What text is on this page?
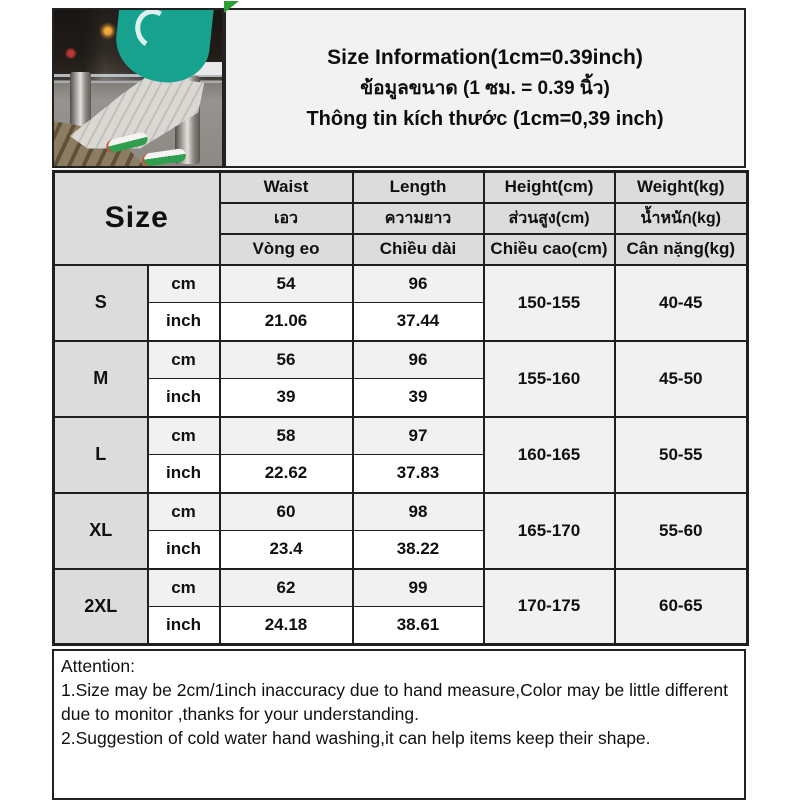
Size Information(1cm=0.39inch)
ข้อมูลขนาด (1 ซม. = 0.39 นิ้ว)
Thông tin kích thước (1cm=0,39 inch)
Size		Waist	Length	Height(cm)	Weight(kg)
		เอว	ความยาว	ส่วนสูง(cm)	น้ำหนัก(kg)
		Vòng eo	Chiều dài	Chiều cao(cm)	Cân nặng(kg)
S	cm	54	96	150-155	40-45
	inch	21.06	37.44		
M	cm	56	96	155-160	45-50
	inch	39	39		
L	cm	58	97	160-165	50-55
	inch	22.62	37.83		
XL	cm	60	98	165-170	55-60
	inch	23.4	38.22		
2XL	cm	62	99	170-175	60-65
	inch	24.18	38.61		
Attention:
1.Size may be 2cm/1inch inaccuracy due to hand measure,Color may be little different due to monitor ,thanks for your understanding.
2.Suggestion of cold water hand washing,it can help items keep their shape.
